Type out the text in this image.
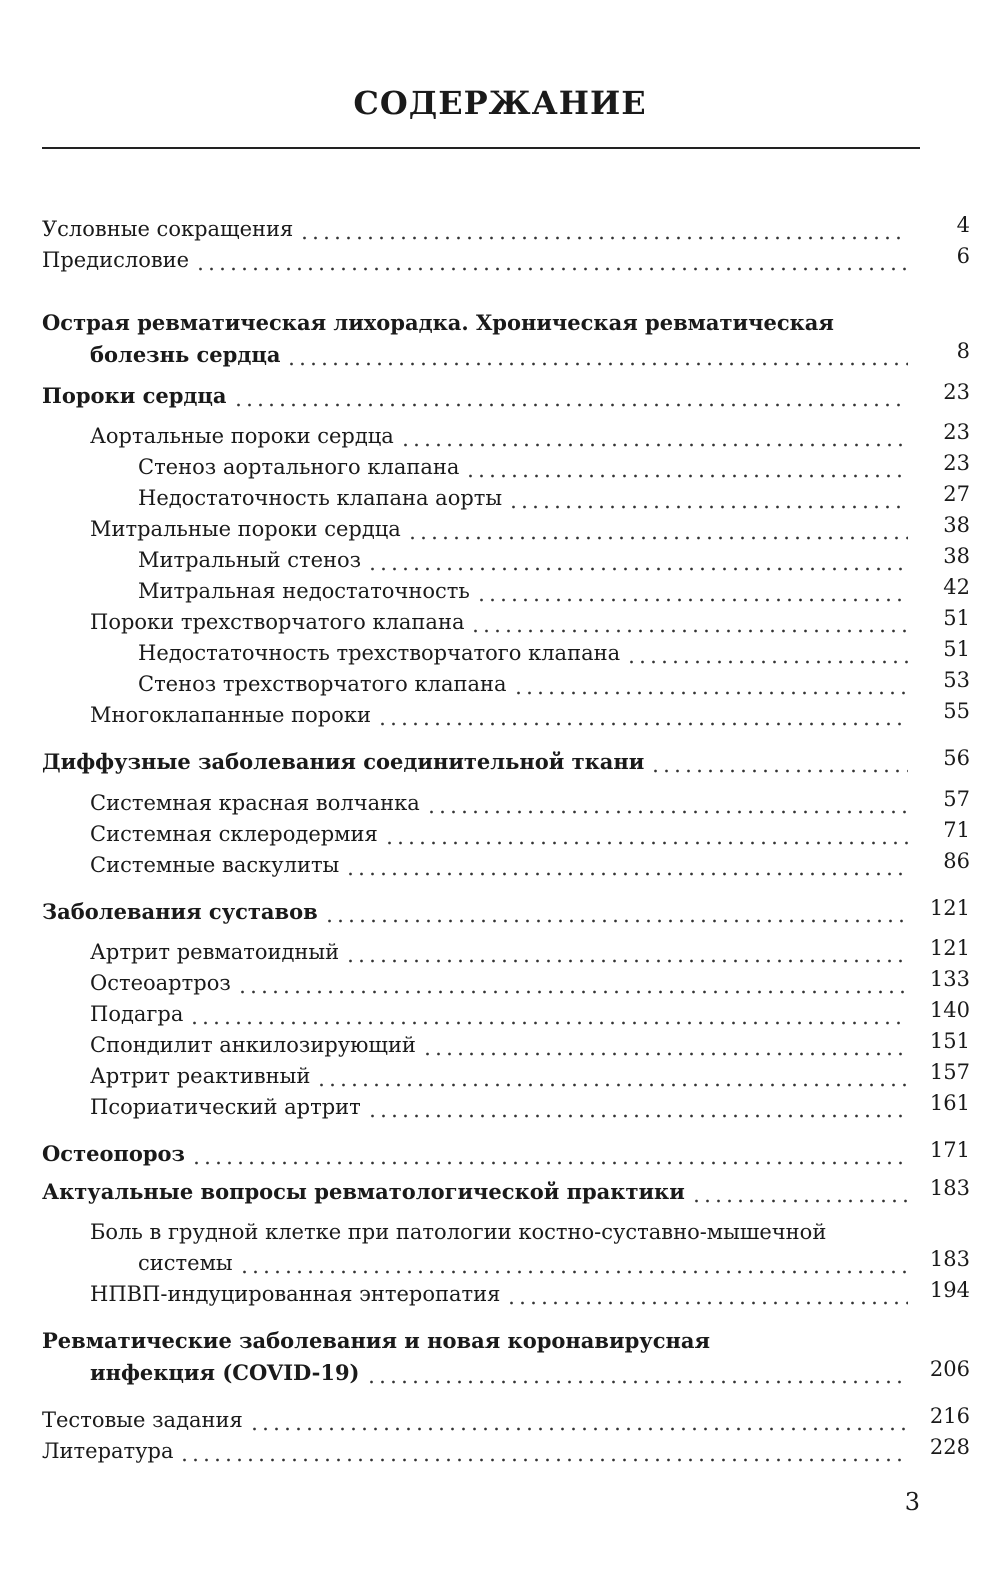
СОДЕРЖАНИЕ
Условные сокращения	4
Предисловие	6
Острая ревматическая лихорадка. Хроническая ревматическая
болезнь сердца	8
Пороки сердца	23
Аортальные пороки сердца	23
Стеноз аортального клапана	23
Недостаточность клапана аорты	27
Митральные пороки сердца	38
Митральный стеноз	38
Митральная недостаточность	42
Пороки трехстворчатого клапана	51
Недостаточность трехстворчатого клапана	51
Стеноз трехстворчатого клапана	53
Многоклапанные пороки	55
Диффузные заболевания соединительной ткани	56
Системная красная волчанка	57
Системная склеродермия	71
Системные васкулиты	86
Заболевания суставов	121
Артрит ревматоидный	121
Остеоартроз	133
Подагра	140
Спондилит анкилозирующий	151
Артрит реактивный	157
Псориатический артрит	161
Остеопороз	171
Актуальные вопросы ревматологической практики	183
Боль в грудной клетке при патологии костно-суставно-мышечной
системы	183
НПВП-индуцированная энтеропатия	194
Ревматические заболевания и новая коронавирусная
инфекция (COVID-19)	206
Тестовые задания	216
Литература	228
3
